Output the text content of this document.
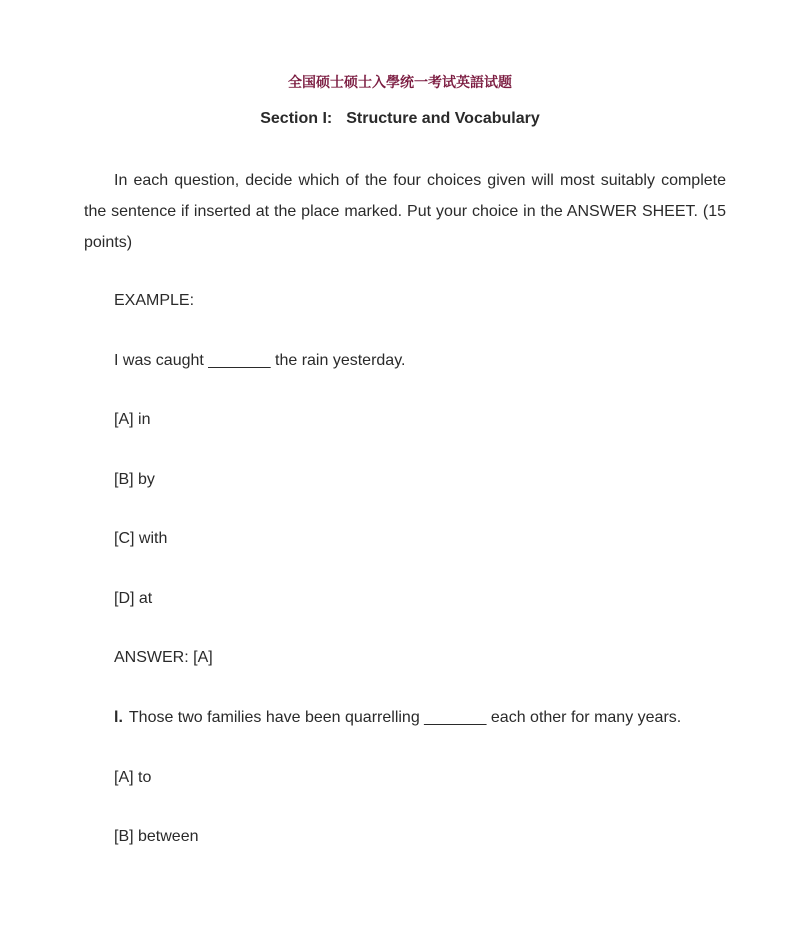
全国硕士硕士入學统一考试英語试题
Section I: Structure and Vocabulary
In each question, decide which of the four choices given will most suitably complete the sentence if inserted at the place marked. Put your choice in the ANSWER SHEET. (15 points)
EXAMPLE:
I was caught _______ the rain yesterday.
[A] in
[B] by
[C] with
[D] at
ANSWER: [A]
l. Those two families have been quarrelling _______ each other for many years.
[A] to
[B] between
